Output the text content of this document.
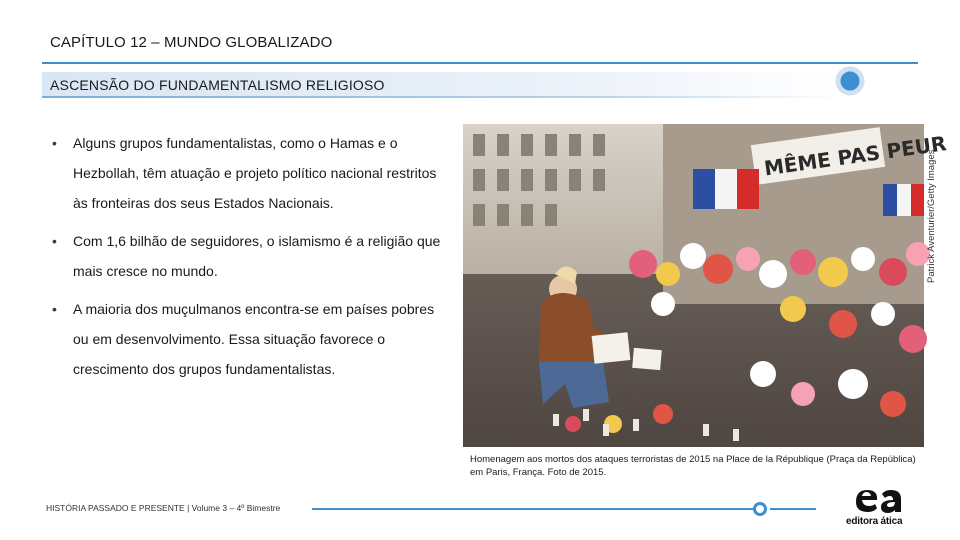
CAPÍTULO 12 – MUNDO GLOBALIZADO
ASCENSÃO DO FUNDAMENTALISMO RELIGIOSO
• Alguns grupos fundamentalistas, como o Hamas e o Hezbollah, têm atuação e projeto político nacional restritos às fronteiras dos seus Estados Nacionais.
• Com 1,6 bilhão de seguidores, o islamismo é a religião que mais cresce no mundo.
• A maioria dos muçulmanos encontra-se em países pobres ou em desenvolvimento. Essa situação favorece o crescimento dos grupos fundamentalistas.
MÊME PAS PEUR
Patrick Aventurier/Getty Images
Homenagem aos mortos dos ataques terroristas de 2015 na Place de la République (Praça da República) em Paris, França. Foto de 2015.
HISTÓRIA PASSADO E PRESENTE | Volume 3 – 4º Bimestre
editora ática
